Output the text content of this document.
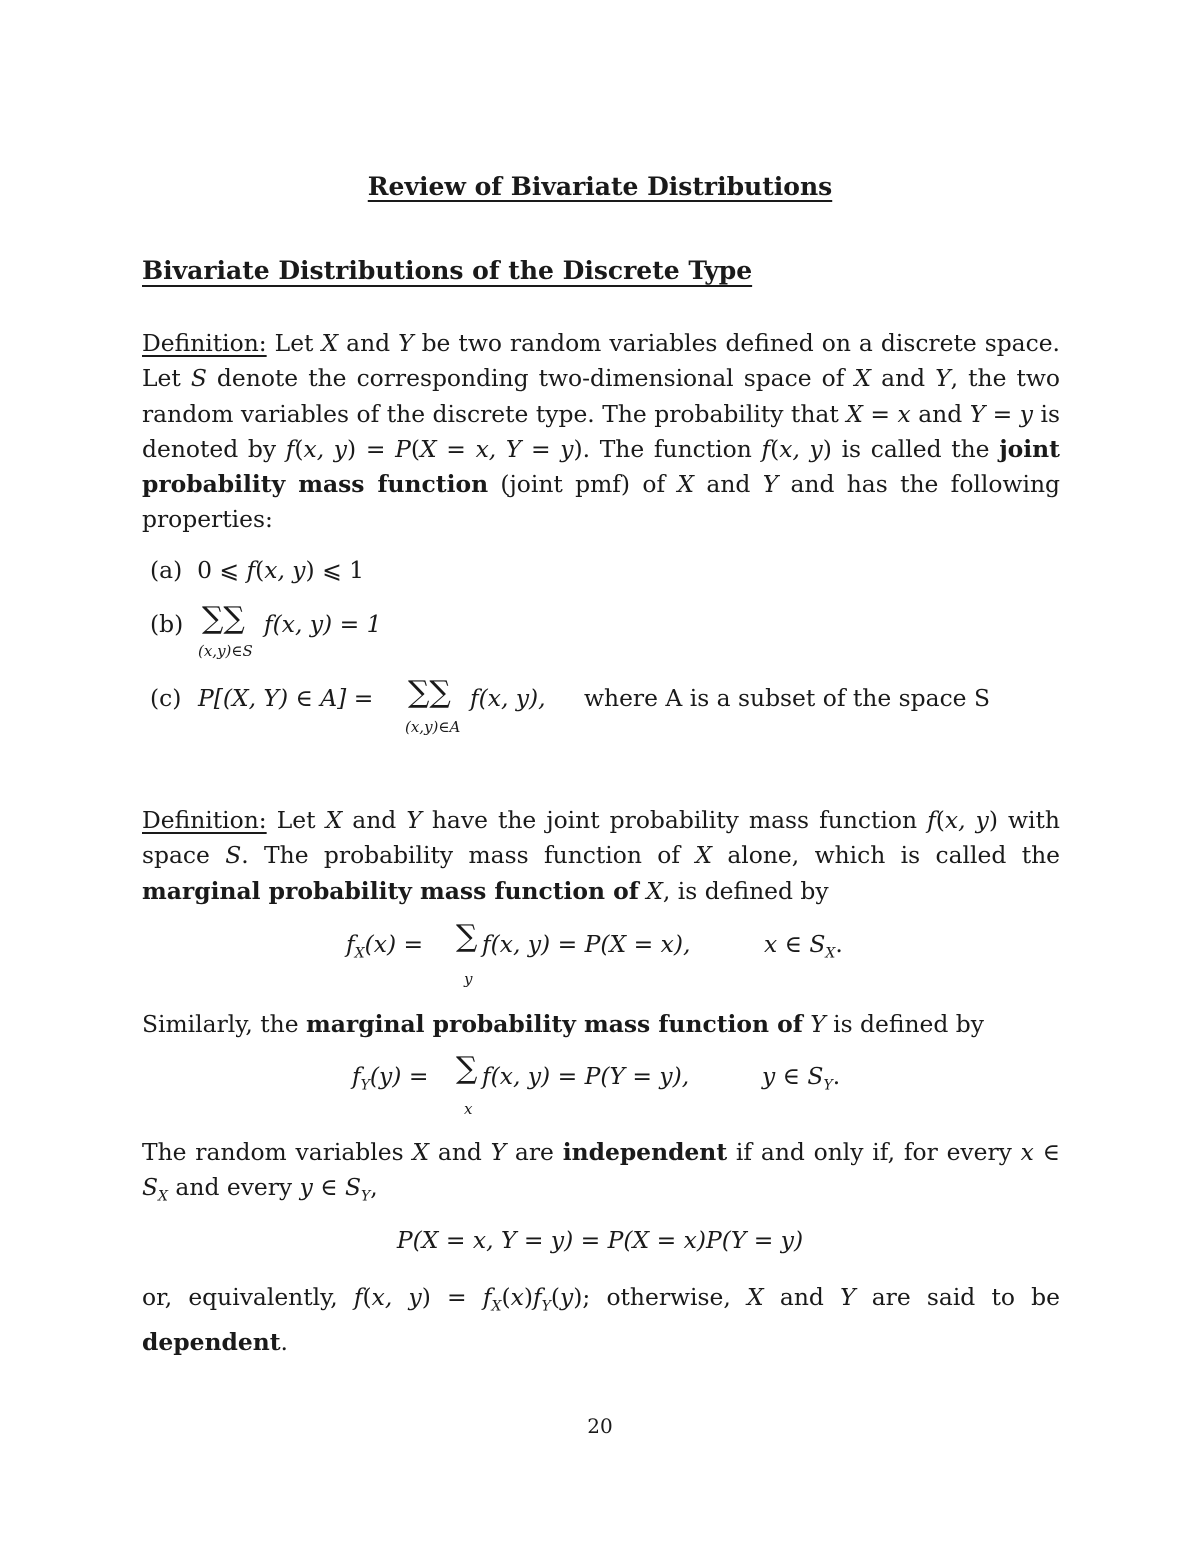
Review of Bivariate Distributions
Bivariate Distributions of the Discrete Type
Definition: Let X and Y be two random variables defined on a discrete space. Let S denote the corresponding two-dimensional space of X and Y, the two random variables of the discrete type. The probability that X = x and Y = y is denoted by f(x, y) = P(X = x, Y = y). The function f(x, y) is called the joint probability mass function (joint pmf) of X and Y and has the following properties:
(a) 0 ⩽ f(x, y) ⩽ 1
(b) ∑∑
(x,y)∈S
f(x, y) = 1
(c) P[(X, Y) ∈ A] = ∑∑
(x,y)∈A
f(x, y), where A is a subset of the space S
Definition: Let X and Y have the joint probability mass function f(x, y) with space S. The probability mass function of X alone, which is called the marginal probability mass function of X, is defined by
$f_X(x)$ = ∑
y
f(x, y) = P(X = x),	x ∈ $S_X$.
Similarly, the marginal probability mass function of Y is defined by
$f_Y(y)$ = ∑
x
f(x, y) = P(Y = y),	y ∈ $S_Y$.
The random variables X and Y are independent if and only if, for every x ∈ $S_X$ and every y ∈ $S_Y$,
P(X = x, Y = y) = P(X = x)P(Y = y)
or, equivalently, f(x, $y) = f_X(x)f_Y(y)$; otherwise, X and Y are said to be dependent.
20
